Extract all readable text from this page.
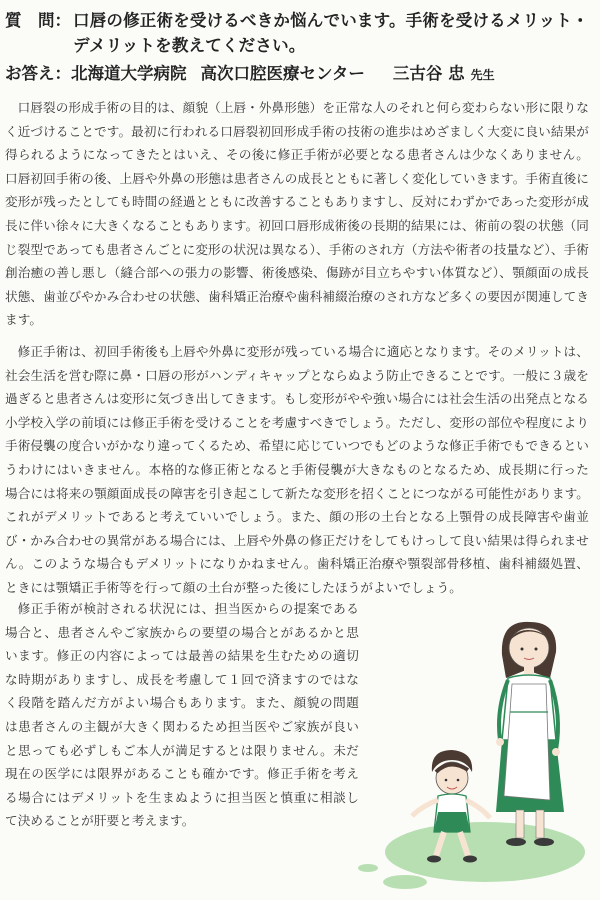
質　問： 口唇の修正術を受けるべきか悩んでいます。手術を受けるメリット・デメリットを教えてください。
お答え：北海道大学病院 高次口腔医療センター 三古谷 忠 先生

口唇裂の形成手術の目的は、顔貌（上唇・外鼻形態）を正常な人のそれと何ら変わらない形に限りなく近づけることです。最初に行われる口唇裂初回形成手術の技術の進歩はめざましく大変に良い結果が得られるようになってきたとはいえ、その後に修正手術が必要となる患者さんは少なくありません。口唇初回手術の後、上唇や外鼻の形態は患者さんの成長とともに著しく変化していきます。手術直後に変形が残ったとしても時間の経過とともに改善することもありますし、反対にわずかであった変形が成長に伴い徐々に大きくなることもあります。初回口唇形成術後の長期的結果には、術前の裂の状態（同じ裂型であっても患者さんごとに変形の状況は異なる）、手術のされ方（方法や術者の技量など）、手術創治癒の善し悪し（縫合部への張力の影響、術後感染、傷跡が目立ちやすい体質など）、顎顔面の成長状態、歯並びやかみ合わせの状態、歯科矯正治療や歯科補綴治療のされ方など多くの要因が関連してきます。

修正手術は、初回手術後も上唇や外鼻に変形が残っている場合に適応となります。そのメリットは、社会生活を営む際に鼻・口唇の形がハンディキャップとならぬよう防止できることです。一般に３歳を過ぎると患者さんは変形に気づき出してきます。もし変形がやや強い場合には社会生活の出発点となる小学校入学の前頃には修正手術を受けることを考慮すべきでしょう。ただし、変形の部位や程度により手術侵襲の度合いがかなり違ってくるため、希望に応じていつでもどのような修正手術でもできるというわけにはいきません。本格的な修正術となると手術侵襲が大きなものとなるため、成長期に行った場合には将来の顎顔面成長の障害を引き起こして新たな変形を招くことにつながる可能性があります。これがデメリットであると考えていいでしょう。また、顔の形の土台となる上顎骨の成長障害や歯並び・かみ合わせの異常がある場合には、上唇や外鼻の修正だけをしてもけっして良い結果は得られません。このような場合もデメリットになりかねません。歯科矯正治療や顎裂部骨移植、歯科補綴処置、ときには顎矯正手術等を行って顔の土台が整った後にしたほうがよいでしょう。

修正手術が検討される状況には、担当医からの提案である場合と、患者さんやご家族からの要望の場合とがあるかと思います。修正の内容によっては最善の結果を生むための適切な時期がありますし、成長を考慮して１回で済ますのではなく段階を踏んだ方がよい場合もあります。また、顔貌の問題は患者さんの主観が大きく関わるため担当医やご家族が良いと思っても必ずしもご本人が満足するとは限りません。未だ現在の医学には限界があることも確かです。修正手術を考える場合にはデメリットを生まぬように担当医と慎重に相談して決めることが肝要と考えます。
